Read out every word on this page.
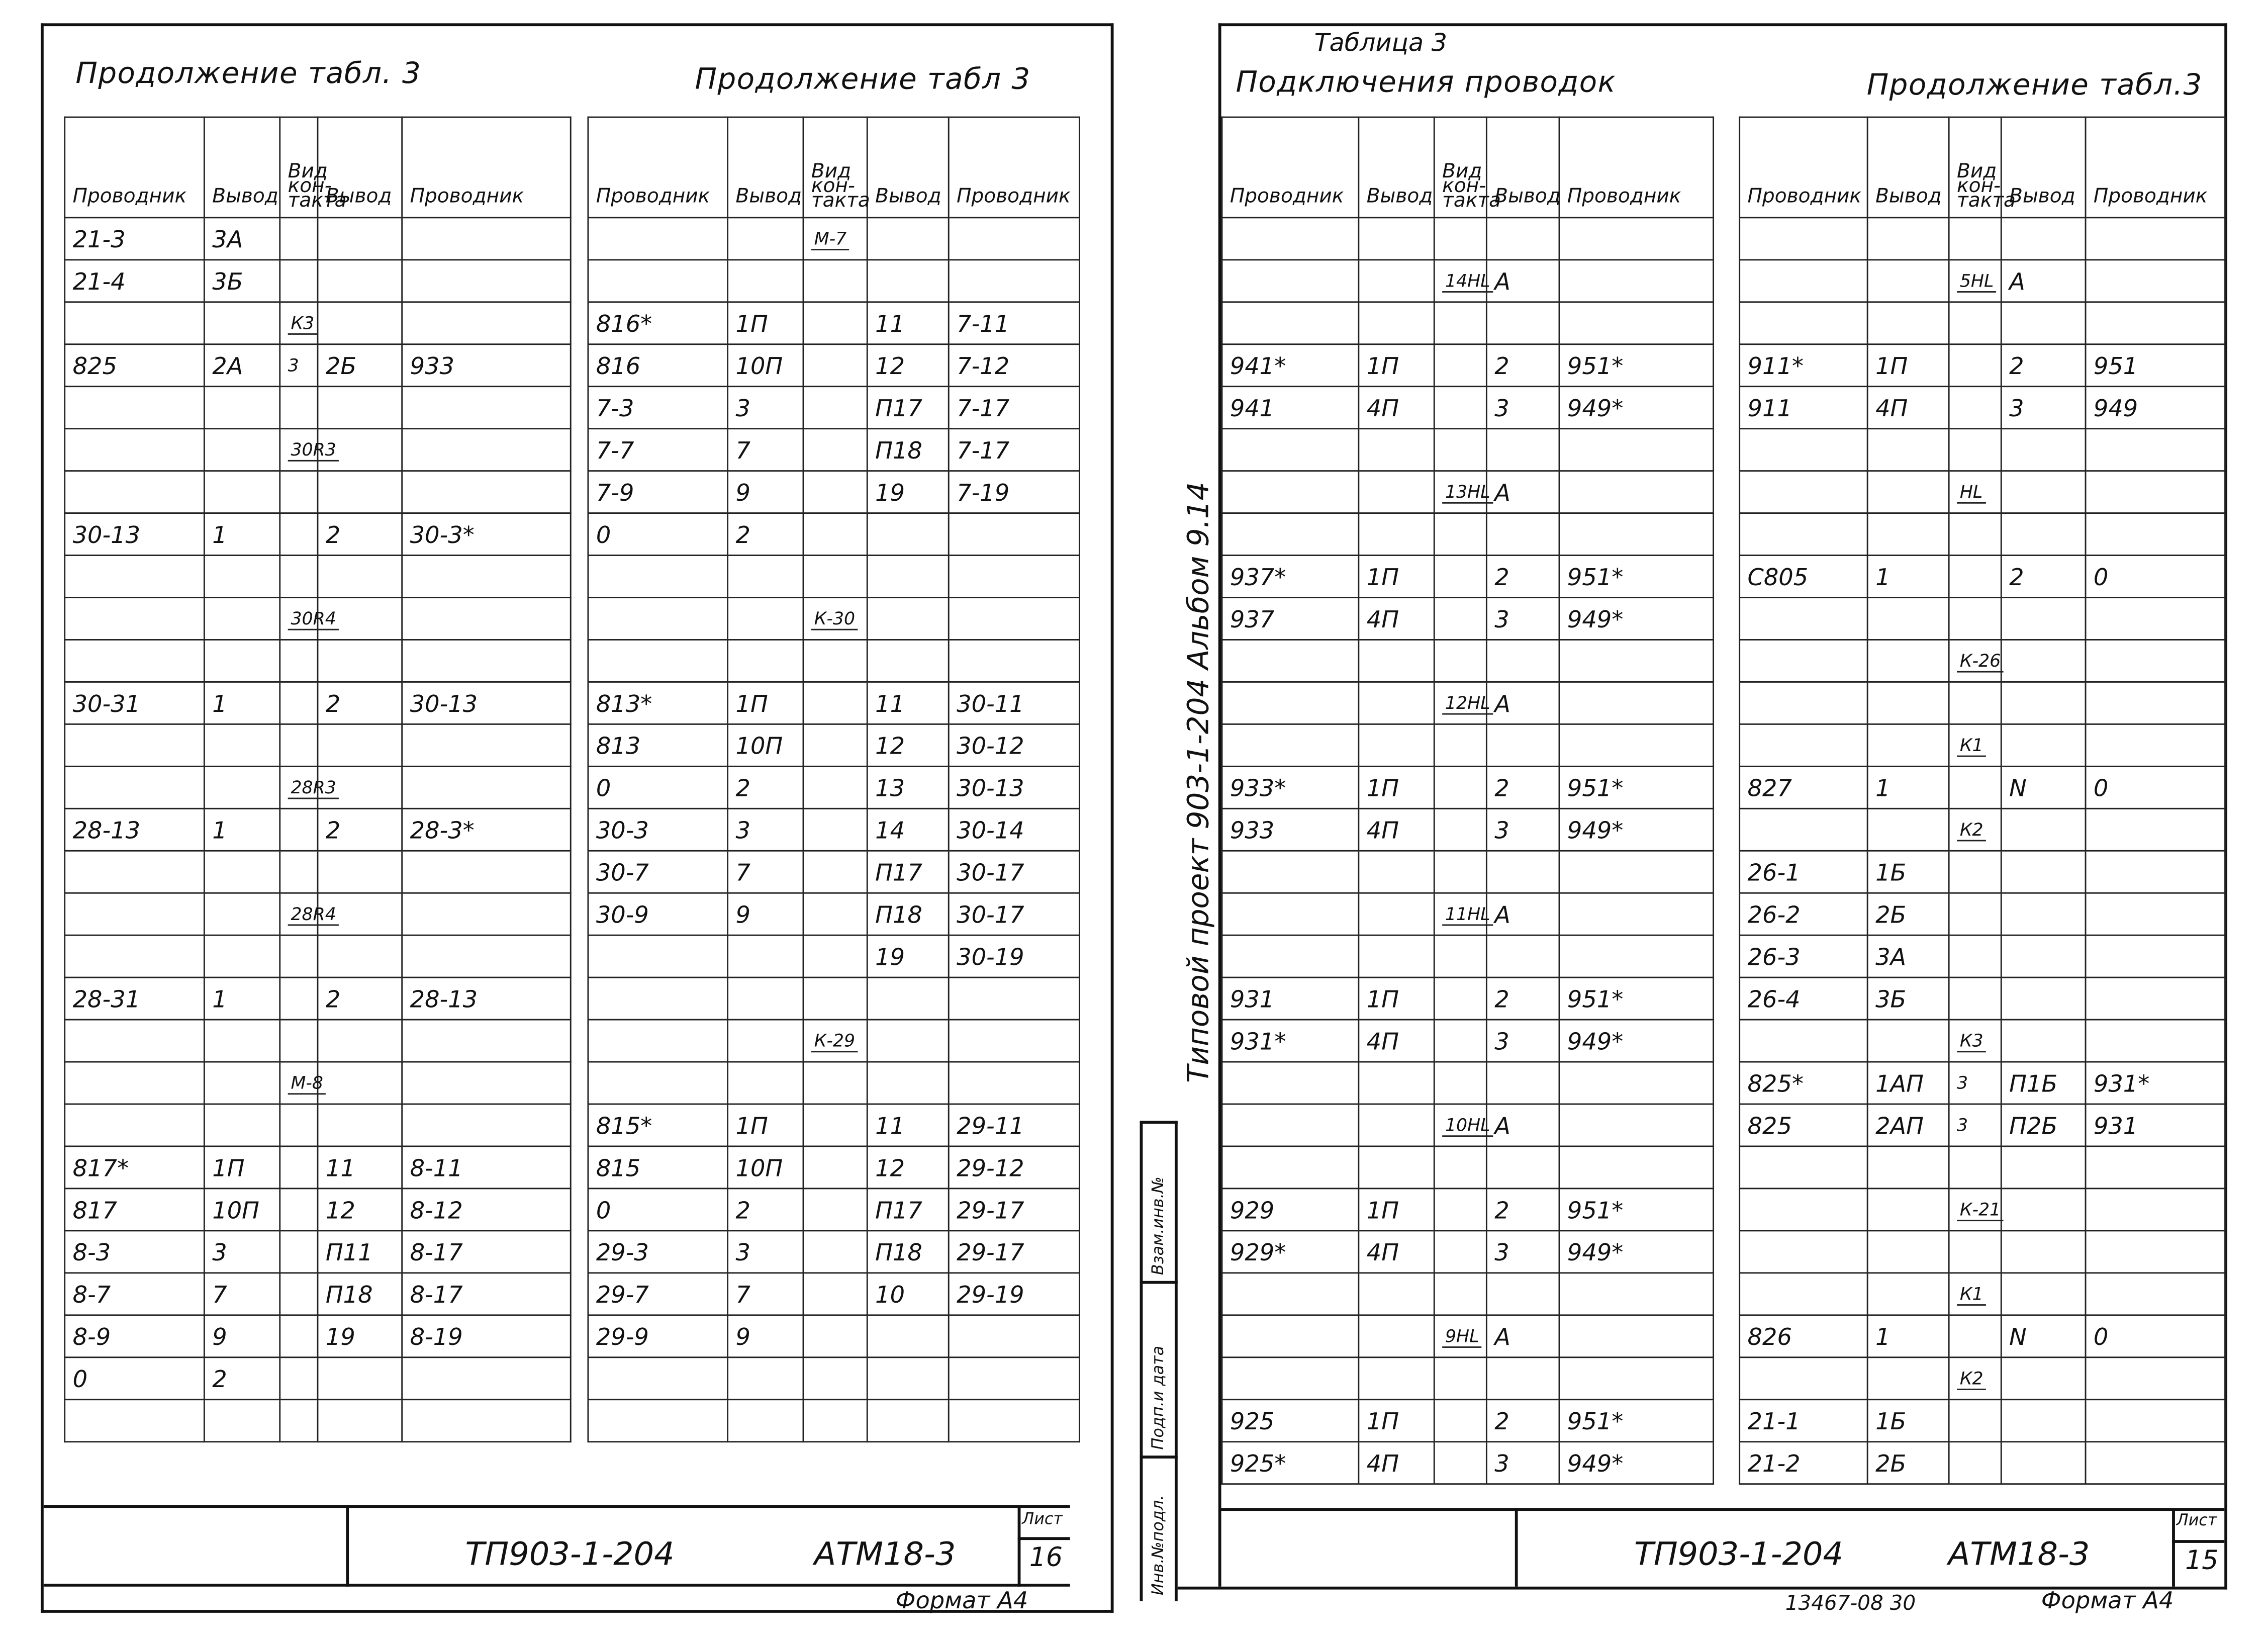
Продолжение табл. 3	Продолжение табл 3
Проводник	Вывод	Вид кон- такта	Вывод	Проводник
21-3	3А			
21-4	3Б			
		К3		
825	2А	3	2Б	933

		30R3		

30-13	1		2	30-3*

		30R4		

30-31	1		2	30-13

		28R3		
28-13	1		2	28-3*

		28R4		

28-31	1		2	28-13

		М-8		

817*	1П		11	8-11
817	10П		12	8-12
8-3	3		П11	8-17
8-7	7		П18	8-17
8-9	9		19	8-19
0	2			

Проводник	Вывод	Вид кон- такта	Вывод	Проводник
		М-7		

816*	1П		11	7-11
816	10П		12	7-12
7-3	3		П17	7-17
7-7	7		П18	7-17
7-9	9		19	7-19
0	2			

		К-30		

813*	1П		11	30-11
813	10П		12	30-12
0	2		13	30-13
30-3	3		14	30-14
30-7	7		П17	30-17
30-9	9		П18	30-17
			19	30-19

		К-29		

815*	1П		11	29-11
815	10П		12	29-12
0	2		П17	29-17
29-3	3		П18	29-17
29-7	7		10	29-19
29-9	9			

ТП903-1-204	АТМ18-3
Лист
16
Формат А4
Взам.инв.№
Подп.и дата
Инв.№подл.
Типовой проект 903-1-204 Альбом 9.14
Таблица 3
Подключения проводок	Продолжение табл.3
Проводник	Вывод	Вид кон- такта	Вывод	Проводник

		14HL	А	

941*	1П		2	951*
941	4П		3	949*

		13HL	А	

937*	1П		2	951*
937	4П		3	949*

		12HL	А	

933*	1П		2	951*
933	4П		3	949*

		11HL	А	

931	1П		2	951*
931*	4П		3	949*

		10HL	А	

929	1П		2	951*
929*	4П		3	949*

		9HL	А	

925	1П		2	951*
925*	4П		3	949*
Проводник	Вывод	Вид кон- такта	Вывод	Проводник

		5HL	А	

911*	1П		2	951
911	4П		3	949

		HL		

С805	1		2	0

		К-26		

		К1		
827	1		N	0
		К2		
26-1	1Б			
26-2	2Б			
26-3	3А			
26-4	3Б			
		К3		
825*	1АП	3	П1Б	931*
825	2АП	3	П2Б	931

		К-21		

		К1		
826	1		N	0
		К2		
21-1	1Б			
21-2	2Б			
ТП903-1-204	АТМ18-3
Лист
15
13467-08 30	Формат А4
